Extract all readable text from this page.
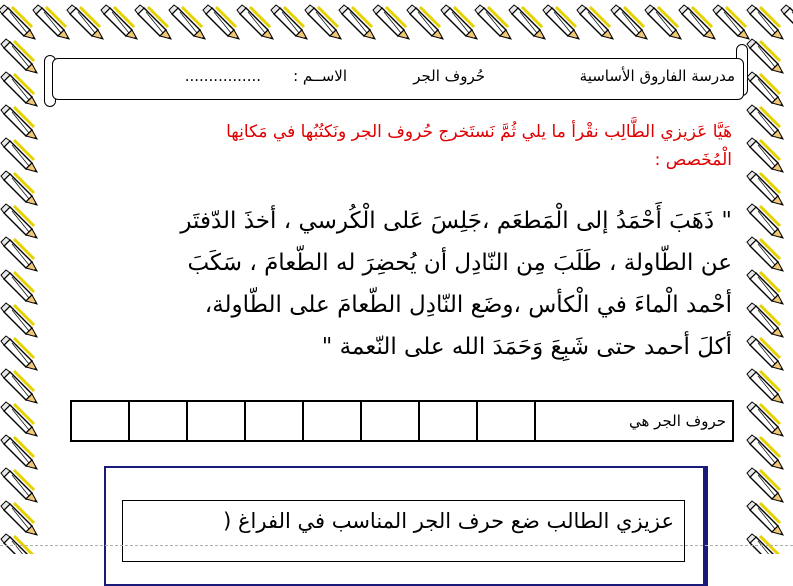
مدرسة الفاروق الأساسية
حُروف الجر
الاســم :
................
هَيَّا عَزيزي الطَّالِب نقْرأ ما يلي ثُمَّ نَستَخرج حُروف الجر ونَكتُبُها في مَكانِها
الْمُخَصص :
" ذَهَبَ أَحْمَدُ إلى الْمَطعَم ،جَلِسَ عَلى الْكُرسي ، أخذَ الدّفتَر
عن الطّاولة ، طَلَبَ مِن النّادِل أن يُحضِرَ له الطّعامَ ، سَكَبَ
أحْمد الْماءَ في الْكأس ،وضَع النّادِل الطّعامَ على الطّاولة،
أكلَ أحمد حتى شَبِعَ وَحَمَدَ الله على النّعمة "
حروف الجر هي								
عزيزي الطالب ضع حرف الجر المناسب في الفراغ (
